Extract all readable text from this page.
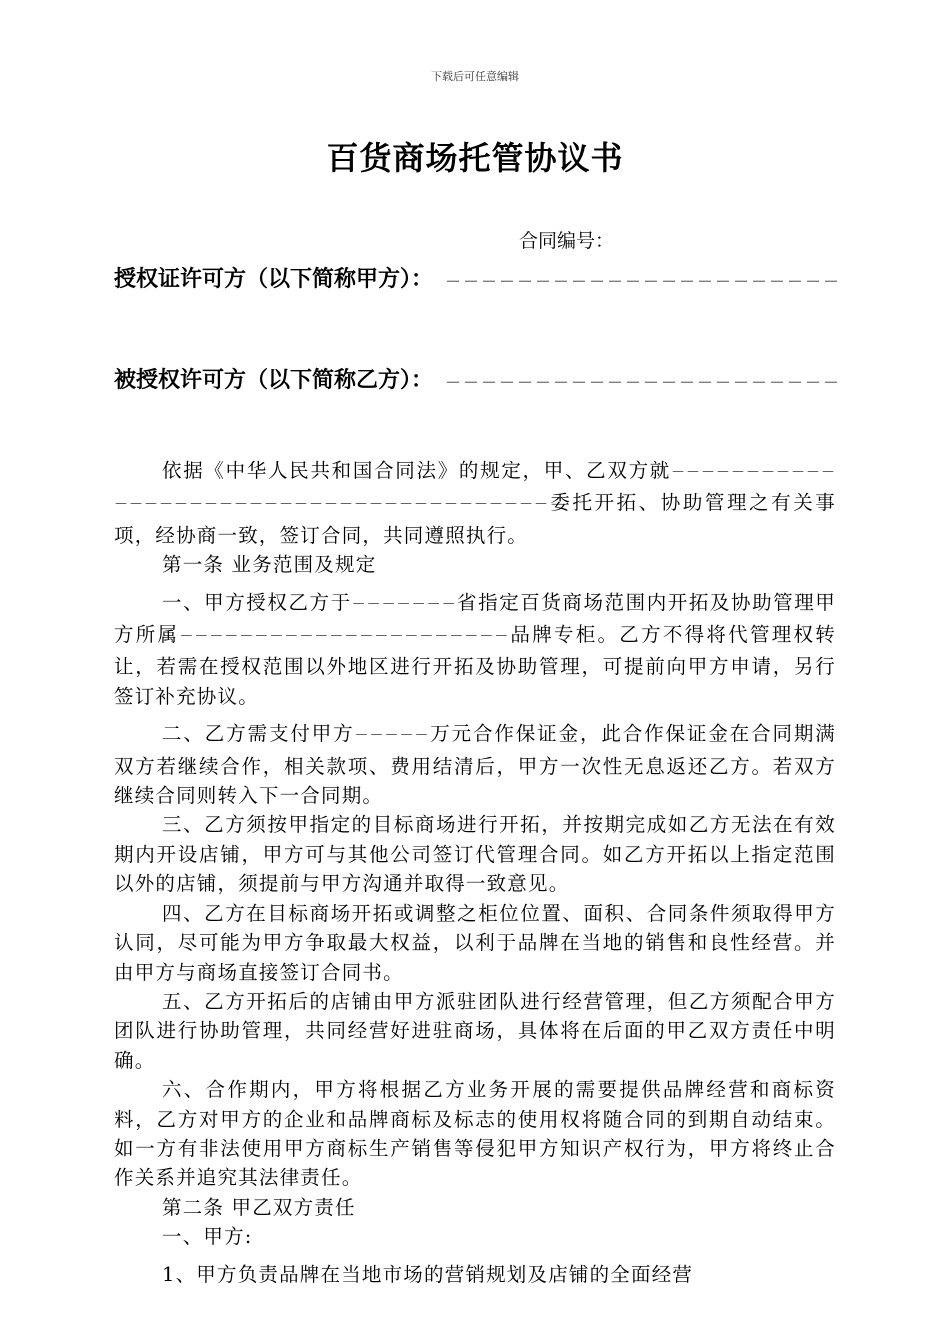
下载后可任意编辑
百货商场托管协议书
合同编号：
授权证许可方（以下简称甲方）： －－－－－－－－－－－－－－－－－－－－－－
被授权许可方（以下简称乙方）： －－－－－－－－－－－－－－－－－－－－－－

依据《中华人民共和国合同法》的规定，甲、乙双方就－－－－－－－－－－－－－－－－－－－－－－－－－－－－－－－－－－－－－－－－委托开拓、协助管理之有关事项，经协商一致，签订合同，共同遵照执行。

第一条 业务范围及规定

一、甲方授权乙方于－－－－－－－省指定百货商场范围内开拓及协助管理甲方所属－－－－－－－－－－－－－－－－－－－－－－品牌专柜。乙方不得将代管理权转让，若需在授权范围以外地区进行开拓及协助管理，可提前向甲方申请，另行签订补充协议。

二、乙方需支付甲方－－－－－万元合作保证金，此合作保证金在合同期满双方若继续合作，相关款项、费用结清后，甲方一次性无息返还乙方。若双方继续合同则转入下一合同期。

三、乙方须按甲指定的目标商场进行开拓，并按期完成如乙方无法在有效期内开设店铺，甲方可与其他公司签订代管理合同。如乙方开拓以上指定范围以外的店铺，须提前与甲方沟通并取得一致意见。

四、乙方在目标商场开拓或调整之柜位位置、面积、合同条件须取得甲方认同，尽可能为甲方争取最大权益，以利于品牌在当地的销售和良性经营。并由甲方与商场直接签订合同书。

五、乙方开拓后的店铺由甲方派驻团队进行经营管理，但乙方须配合甲方团队进行协助管理，共同经营好进驻商场，具体将在后面的甲乙双方责任中明确。

六、合作期内，甲方将根据乙方业务开展的需要提供品牌经营和商标资料，乙方对甲方的企业和品牌商标及标志的使用权将随合同的到期自动结束。如一方有非法使用甲方商标生产销售等侵犯甲方知识产权行为，甲方将终止合作关系并追究其法律责任。

第二条 甲乙双方责任

一、甲方:

1、甲方负责品牌在当地市场的营销规划及店铺的全面经营
